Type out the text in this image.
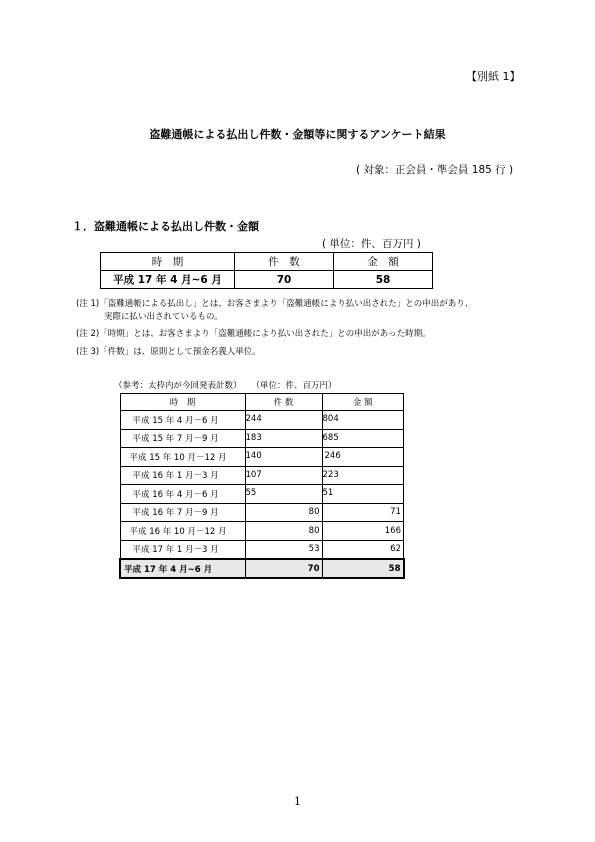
【別紙 1】
盗難通帳による払出し件数・金額等に関するアンケート結果
( 対象：正会員・準会員 185 行 )
１．盗難通帳による払出し件数・金額
( 単位：件、百万円 )
時　期	件　数	金　額
平成 17 年 4 月~6 月	70	58
(注 1)「盗難通帳による払出し」とは、お客さまより「盗難通帳により払い出された」との申出があり、
実際に払い出されているもの。
(注 2)「時期」とは、お客さまより「盗難通帳により払い出された」との申出があった時期。
(注 3)「件数」は、原則として預金名義人単位。
（参考：太枠内が今回発表計数） （単位：件、百万円）
時　期	件 数	金 額
平成 15 年 4 月－6 月	244	804

平成 15 年 7 月－9 月	183	685

平成 15 年 10 月－12 月	140	246

平成 16 年 1 月－3 月	107	223

平成 16 年 4 月－6 月	55	51

平成 16 年 7 月－9 月	80	71
平成 16 年 10 月－12 月	80	166
平成 17 年 1 月－3 月	53	62
平成 17 年 4 月~6 月	70	58
1
